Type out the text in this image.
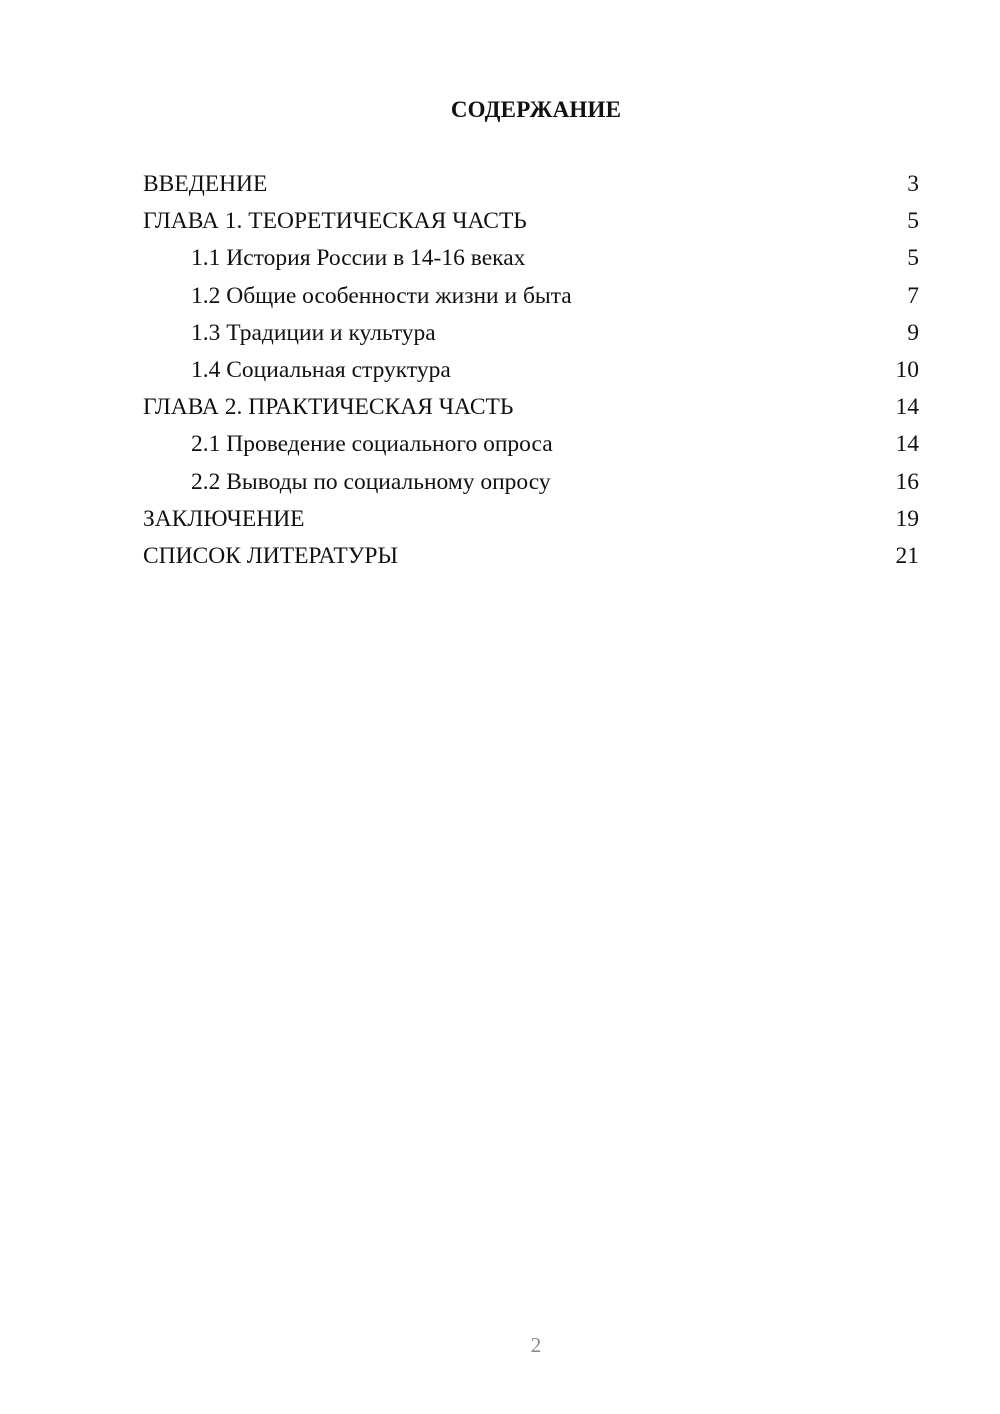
СОДЕРЖАНИЕ
ВВЕДЕНИЕ	3
ГЛАВА 1. ТЕОРЕТИЧЕСКАЯ ЧАСТЬ	5
1.1 История России в 14-16 веках	5
1.2 Общие особенности жизни и быта	7
1.3 Традиции и культура	9
1.4 Социальная структура	10
ГЛАВА 2. ПРАКТИЧЕСКАЯ ЧАСТЬ	14
2.1 Проведение социального опроса	14
2.2 Выводы по социальному опросу	16
ЗАКЛЮЧЕНИЕ	19
СПИСОК ЛИТЕРАТУРЫ	21
2
